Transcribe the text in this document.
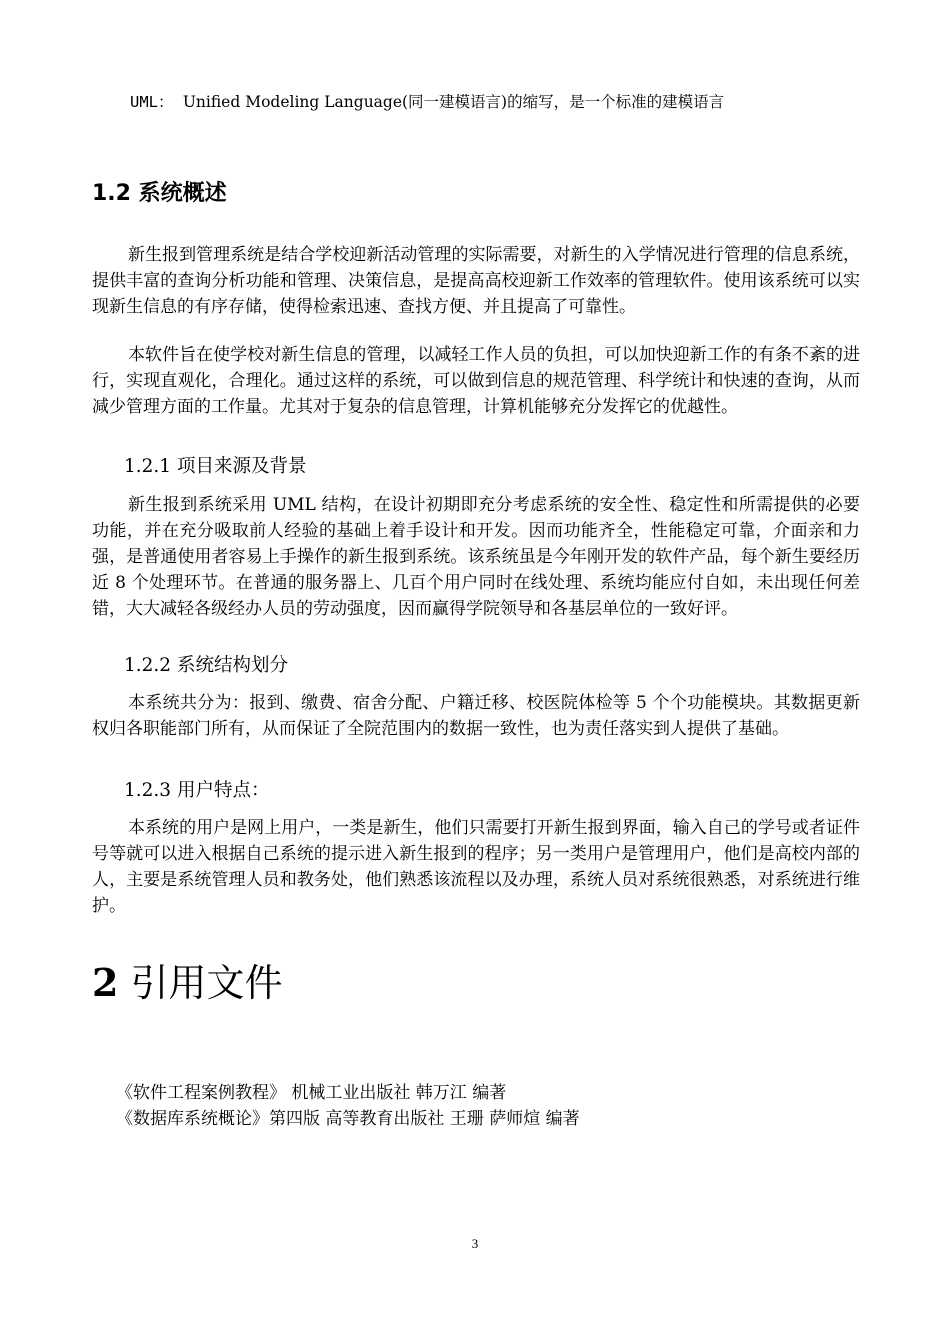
UML： Unified Modeling Language(同一建模语言)的缩写，是一个标准的建模语言
1.2 系统概述
新生报到管理系统是结合学校迎新活动管理的实际需要，对新生的入学情况进行管理的信息系统，提供丰富的查询分析功能和管理、决策信息，是提高高校迎新工作效率的管理软件。使用该系统可以实现新生信息的有序存储，使得检索迅速、查找方便、并且提高了可靠性。
本软件旨在使学校对新生信息的管理，以减轻工作人员的负担，可以加快迎新工作的有条不紊的进行，实现直观化，合理化。通过这样的系统，可以做到信息的规范管理、科学统计和快速的查询，从而减少管理方面的工作量。尤其对于复杂的信息管理，计算机能够充分发挥它的优越性。
1.2.1 项目来源及背景
新生报到系统采用 UML 结构，在设计初期即充分考虑系统的安全性、稳定性和所需提供的必要功能，并在充分吸取前人经验的基础上着手设计和开发。因而功能齐全，性能稳定可靠，介面亲和力强，是普通使用者容易上手操作的新生报到系统。该系统虽是今年刚开发的软件产品，每个新生要经历近 8 个处理环节。在普通的服务器上、几百个用户同时在线处理、系统均能应付自如，未出现任何差错，大大减轻各级经办人员的劳动强度，因而赢得学院领导和各基层单位的一致好评。
1.2.2 系统结构划分
本系统共分为：报到、缴费、宿舍分配、户籍迁移、校医院体检等 5 个个功能模块。其数据更新权归各职能部门所有，从而保证了全院范围内的数据一致性，也为责任落实到人提供了基础。
1.2.3 用户特点：
本系统的用户是网上用户，一类是新生，他们只需要打开新生报到界面，输入自己的学号或者证件号等就可以进入根据自己系统的提示进入新生报到的程序；另一类用户是管理用户，他们是高校内部的人，主要是系统管理人员和教务处，他们熟悉该流程以及办理，系统人员对系统很熟悉，对系统进行维护。
2 引用文件
《软件工程案例教程》 机械工业出版社 韩万江 编著
《数据库系统概论》第四版 高等教育出版社 王珊 萨师煊 编著
3
